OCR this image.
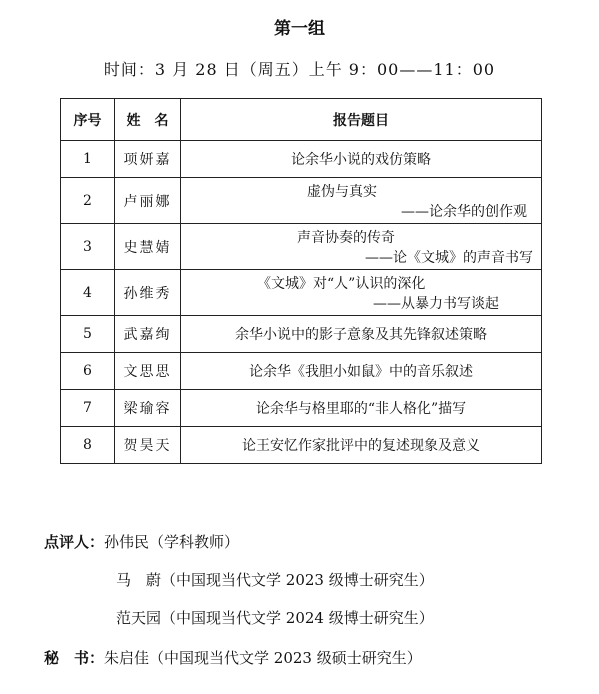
第一组
时间：3 月 28 日（周五）上午 9：00——11：00
序号	姓　名	报告题目
1	项妍嘉	论余华小说的戏仿策略
2	卢丽娜	虚伪与真实
——论余华的创作观

3	史慧婧	声音协奏的传奇
——论《文城》的声音书写

4	孙维秀	《文城》对“人”认识的深化
——从暴力书写谈起

5	武嘉绚	余华小说中的影子意象及其先锋叙述策略
6	文思思	论余华《我胆小如鼠》中的音乐叙述
7	梁瑜容	论余华与格里耶的“非人格化”描写
8	贺昊天	论王安忆作家批评中的复述现象及意义
点评人：孙伟民（学科教师）
马　蔚（中国现当代文学 2023 级博士研究生）
范天园（中国现当代文学 2024 级博士研究生）
秘　书：朱启佳（中国现当代文学 2023 级硕士研究生）
